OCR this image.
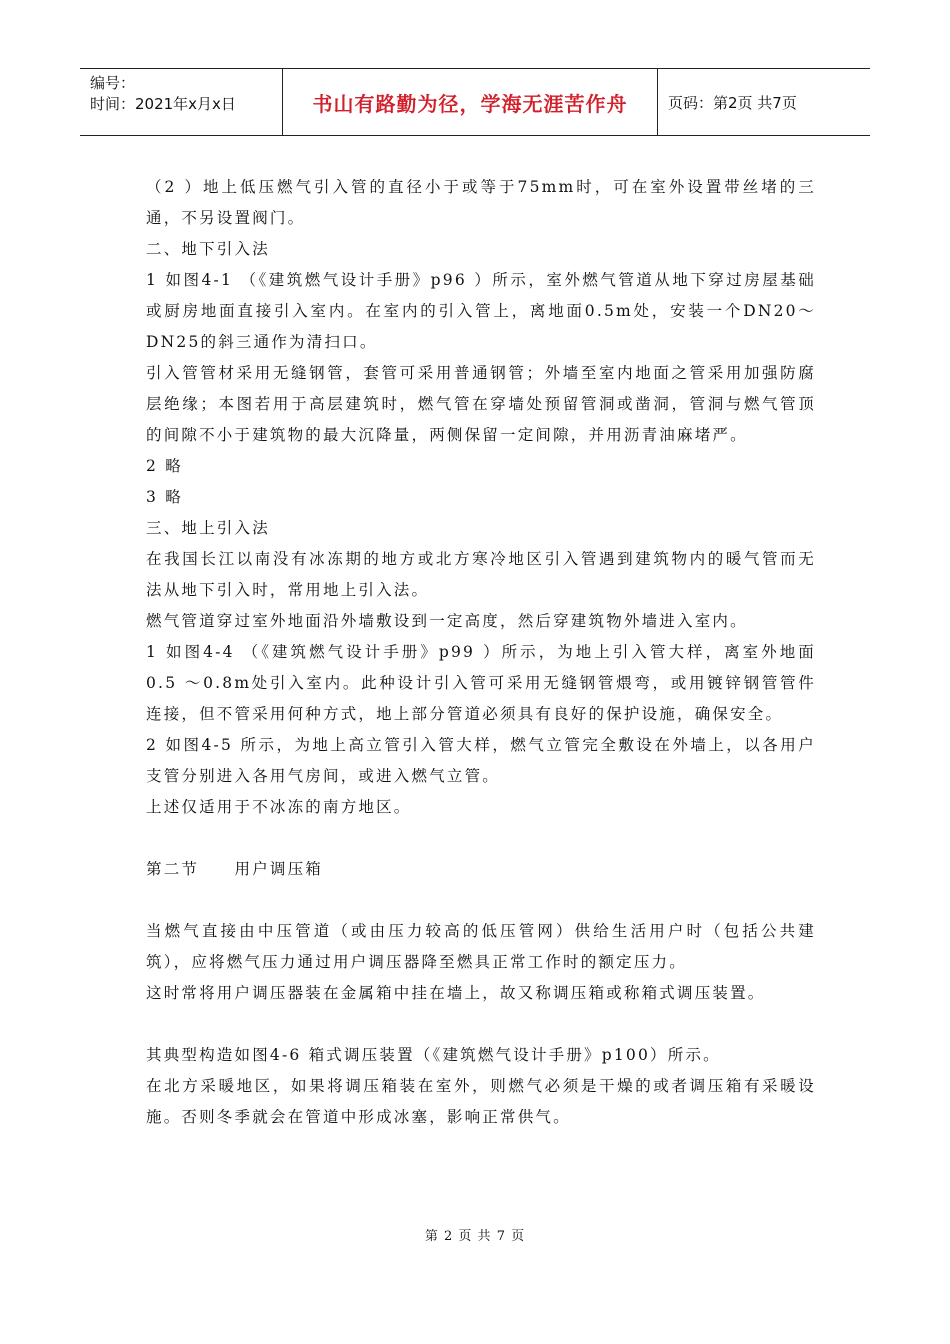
编号：
时间：2021年x月x日	书山有路勤为径，学海无涯苦作舟	页码：第2页 共7页

（2 ）地上低压燃气引入管的直径小于或等于75mm时，可在室外设置带丝堵的三通，不另设置阀门。

二、地下引入法

1 如图4-1 （《建筑燃气设计手册》p96 ）所示，室外燃气管道从地下穿过房屋基础或厨房地面直接引入室内。在室内的引入管上，离地面0.5m处，安装一个DN20～DN25的斜三通作为清扫口。

引入管管材采用无缝钢管，套管可采用普通钢管；外墙至室内地面之管采用加强防腐层绝缘；本图若用于高层建筑时，燃气管在穿墙处预留管洞或凿洞，管洞与燃气管顶的间隙不小于建筑物的最大沉降量，两侧保留一定间隙，并用沥青油麻堵严。

2 略

3 略

三、地上引入法

在我国长江以南没有冰冻期的地方或北方寒冷地区引入管遇到建筑物内的暖气管而无法从地下引入时，常用地上引入法。

燃气管道穿过室外地面沿外墙敷设到一定高度，然后穿建筑物外墙进入室内。

1 如图4-4 （《建筑燃气设计手册》p99 ）所示，为地上引入管大样，离室外地面0.5 ～0.8m处引入室内。此种设计引入管可采用无缝钢管煨弯，或用镀锌钢管管件连接，但不管采用何种方式，地上部分管道必须具有良好的保护设施，确保安全。

2 如图4-5 所示，为地上高立管引入管大样，燃气立管完全敷设在外墙上，以各用户支管分别进入各用气房间，或进入燃气立管。

上述仅适用于不冰冻的南方地区。

第二节　　用户调压箱

当燃气直接由中压管道（或由压力较高的低压管网）供给生活用户时（包括公共建筑），应将燃气压力通过用户调压器降至燃具正常工作时的额定压力。

这时常将用户调压器装在金属箱中挂在墙上，故又称调压箱或称箱式调压装置。

其典型构造如图4-6 箱式调压装置（《建筑燃气设计手册》p100）所示。

在北方采暖地区，如果将调压箱装在室外，则燃气必须是干燥的或者调压箱有采暖设施。否则冬季就会在管道中形成冰塞，影响正常供气。

第 2 页 共 7 页
